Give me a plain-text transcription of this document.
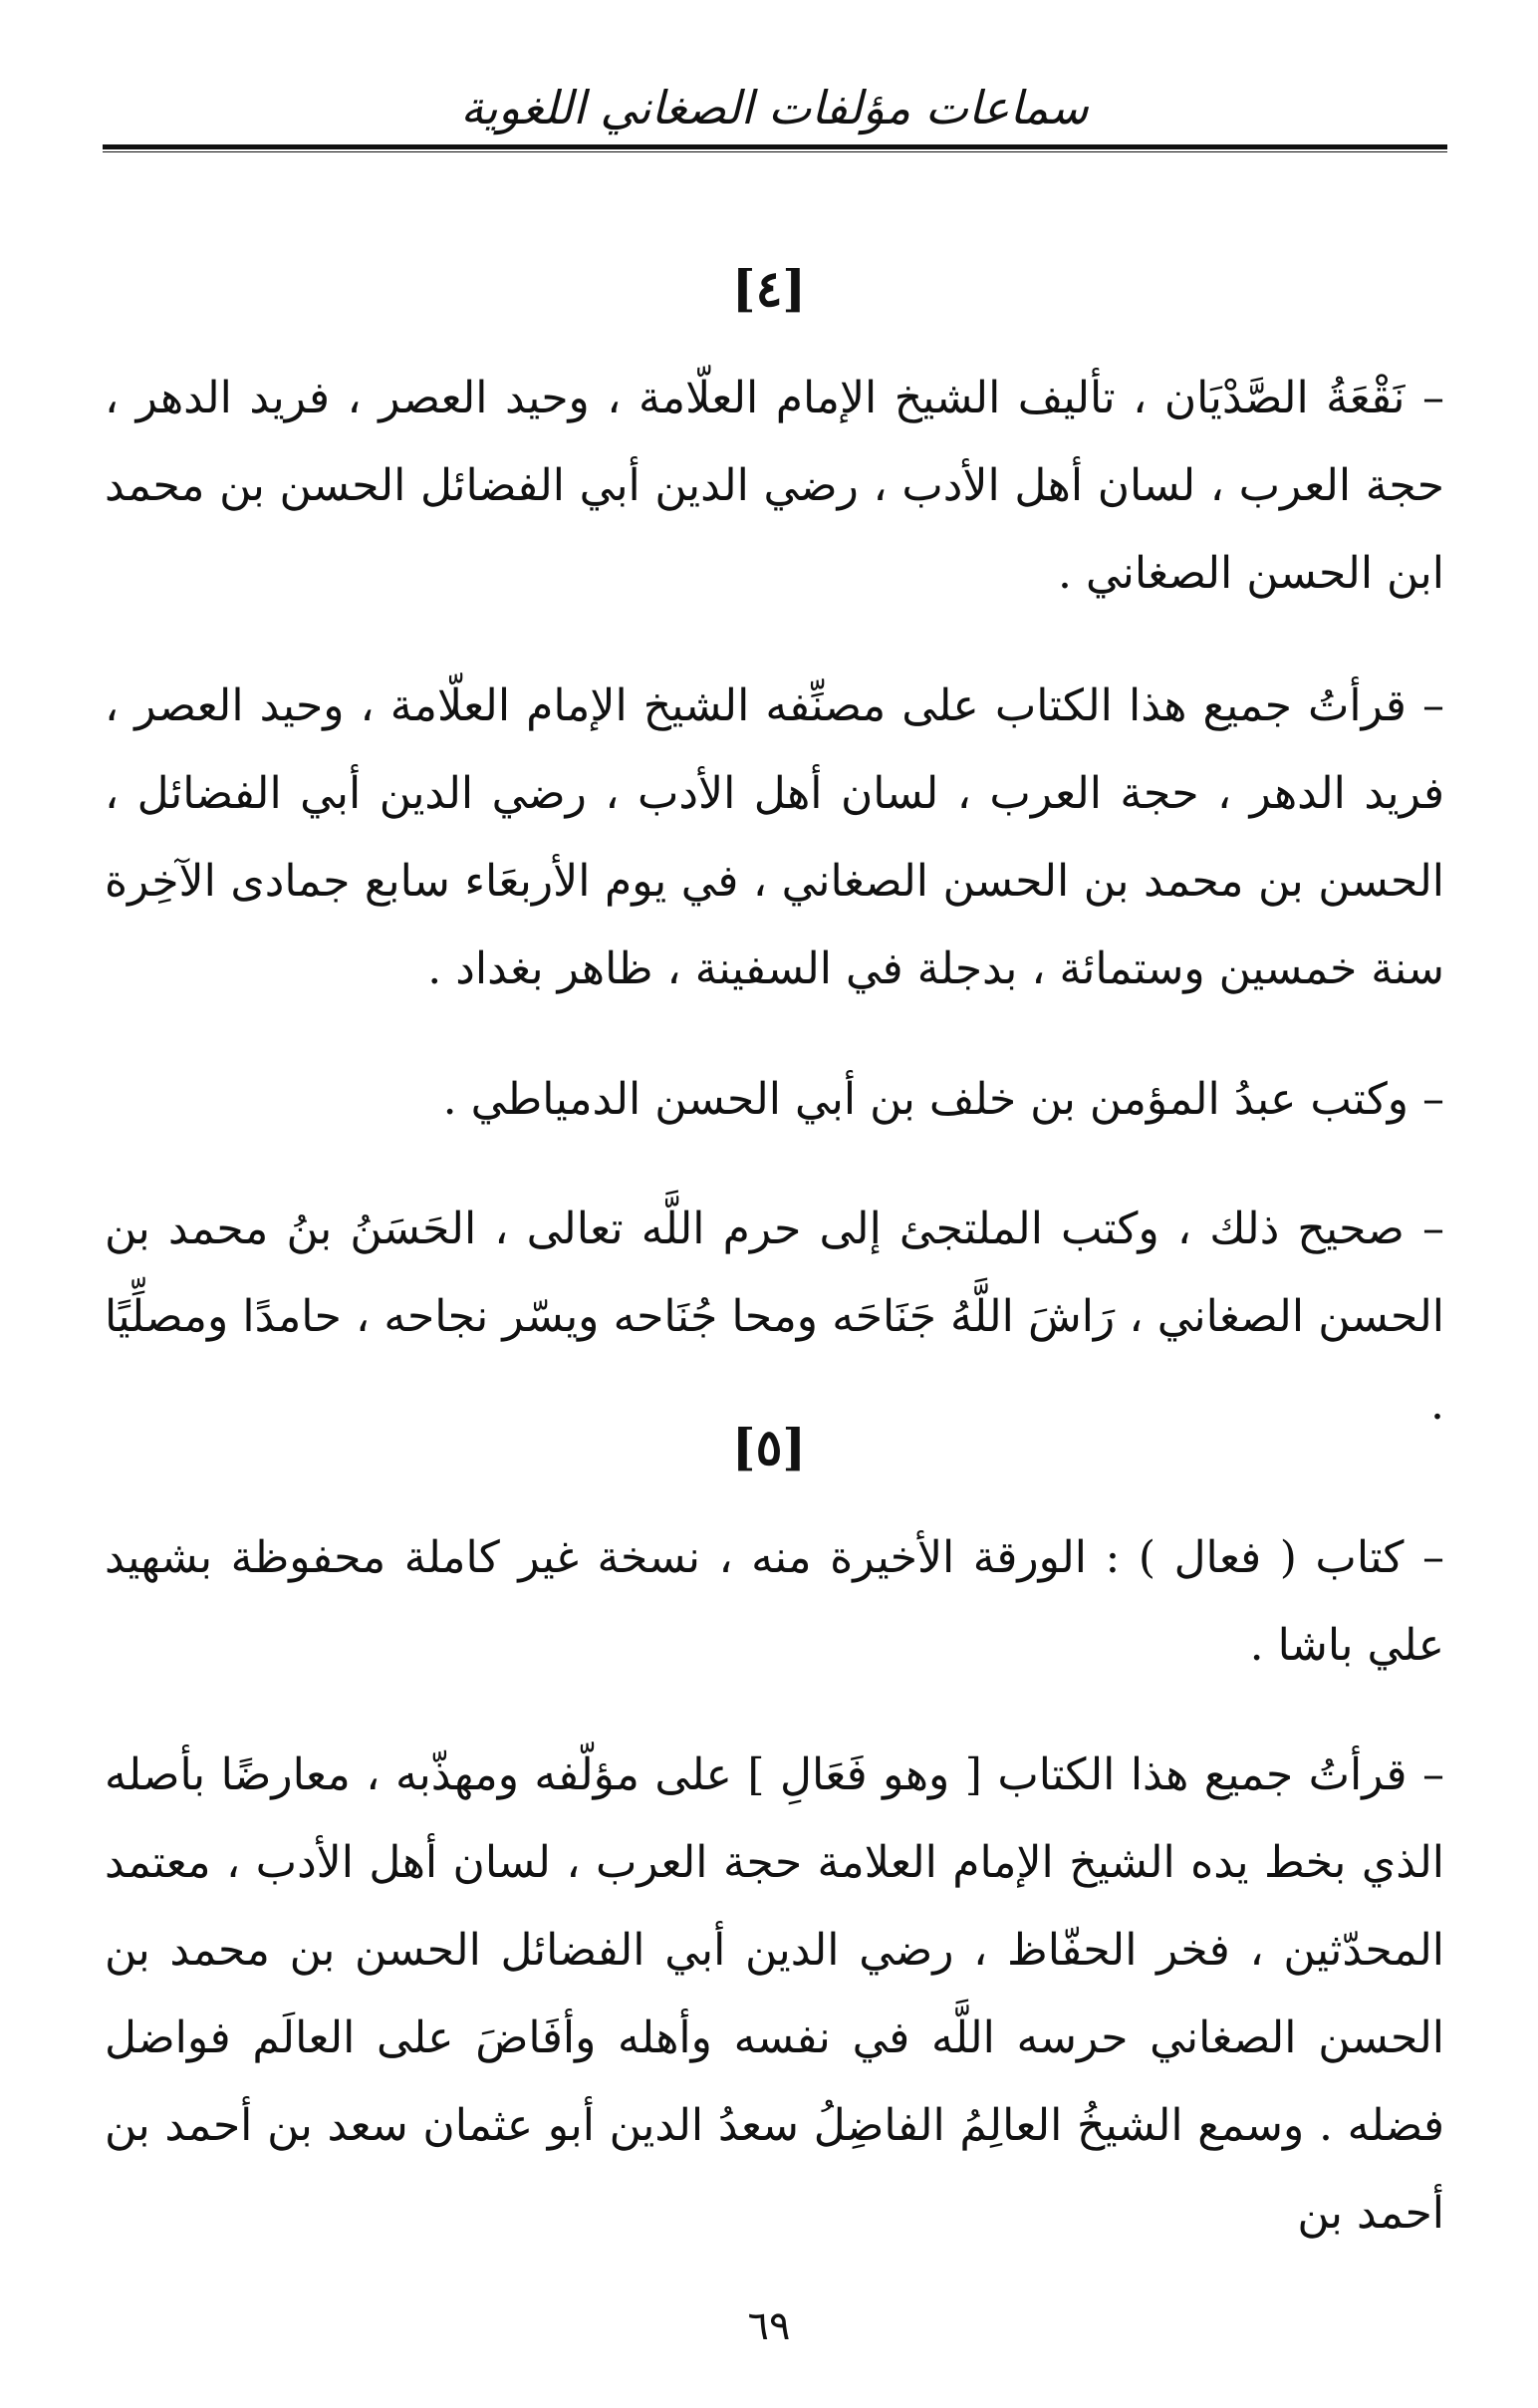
سماعات مؤلفات الصغاني اللغوية
[٤]

– نَقْعَةُ الصَّدْيَان ، تأليف الشيخ الإمام العلّامة ، وحيد العصر ، فريد الدهر ، حجة العرب ، لسان أهل الأدب ، رضي الدين أبي الفضائل الحسن بن محمد ابن الحسن الصغاني .

– قرأتُ جميع هذا الكتاب على مصنِّفه الشيخ الإمام العلّامة ، وحيد العصر ، فريد الدهر ، حجة العرب ، لسان أهل الأدب ، رضي الدين أبي الفضائل ، الحسن بن محمد بن الحسن الصغاني ، في يوم الأربعَاء سابع جمادى الآخِرة سنة خمسين وستمائة ، بدجلة في السفينة ، ظاهر بغداد .

– وكتب عبدُ المؤمن بن خلف بن أبي الحسن الدمياطي .

– صحيح ذلك ، وكتب الملتجئ إلى حرم اللَّه تعالى ، الحَسَنُ بنُ محمد بن الحسن الصغاني ، رَاشَ اللَّهُ جَنَاحَه ومحا جُنَاحه ويسّر نجاحه ، حامدًا ومصلِّيًا .

[٥]

– كتاب ( فعال ) : الورقة الأخيرة منه ، نسخة غير كاملة محفوظة بشهيد علي باشا .

– قرأتُ جميع هذا الكتاب [ وهو فَعَالِ ] على مؤلّفه ومهذّبه ، معارضًا بأصله الذي بخط يده الشيخ الإمام العلامة حجة العرب ، لسان أهل الأدب ، معتمد المحدّثين ، فخر الحفّاظ ، رضي الدين أبي الفضائل الحسن بن محمد بن الحسن الصغاني حرسه اللَّه في نفسه وأهله وأفَاضَ على العالَم فواضل فضله . وسمع الشيخُ العالِمُ الفاضِلُ سعدُ الدين أبو عثمان سعد بن أحمد بن أحمد بن

٦٩
